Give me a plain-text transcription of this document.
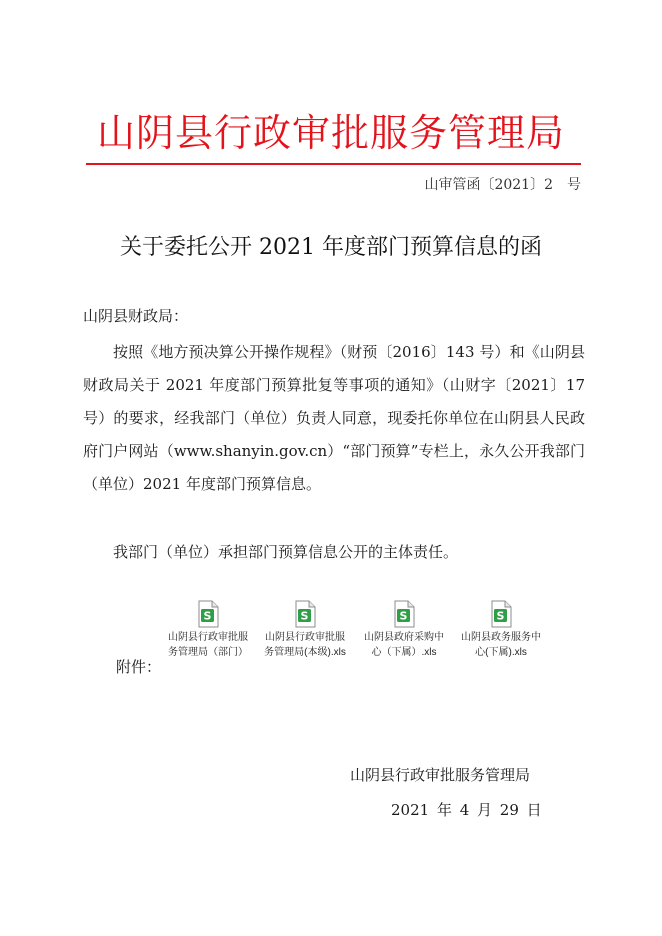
山阴县行政审批服务管理局
山审管函〔2021〕2　号
关于委托公开 2021 年度部门预算信息的函
山阴县财政局：
按照《地方预决算公开操作规程》（财预〔2016〕143 号）和《山阴县财政局关于 2021 年度部门预算批复等事项的通知》（山财字〔2021〕17 号）的要求，经我部门（单位）负责人同意，现委托你单位在山阴县人民政府门户网站（www.shanyin.gov.cn）“部门预算”专栏上，永久公开我部门（单位）2021 年度部门预算信息。
我部门（单位）承担部门预算信息公开的主体责任。
S
山阴县行政审批服
务管理局（部门）
S
山阴县行政审批服
务管理局(本级).xls
S
山阴县政府采购中
心（下属）.xls
S
山阴县政务服务中
心(下属).xls
附件：
山阴县行政审批服务管理局
2021 年 4 月 29 日
